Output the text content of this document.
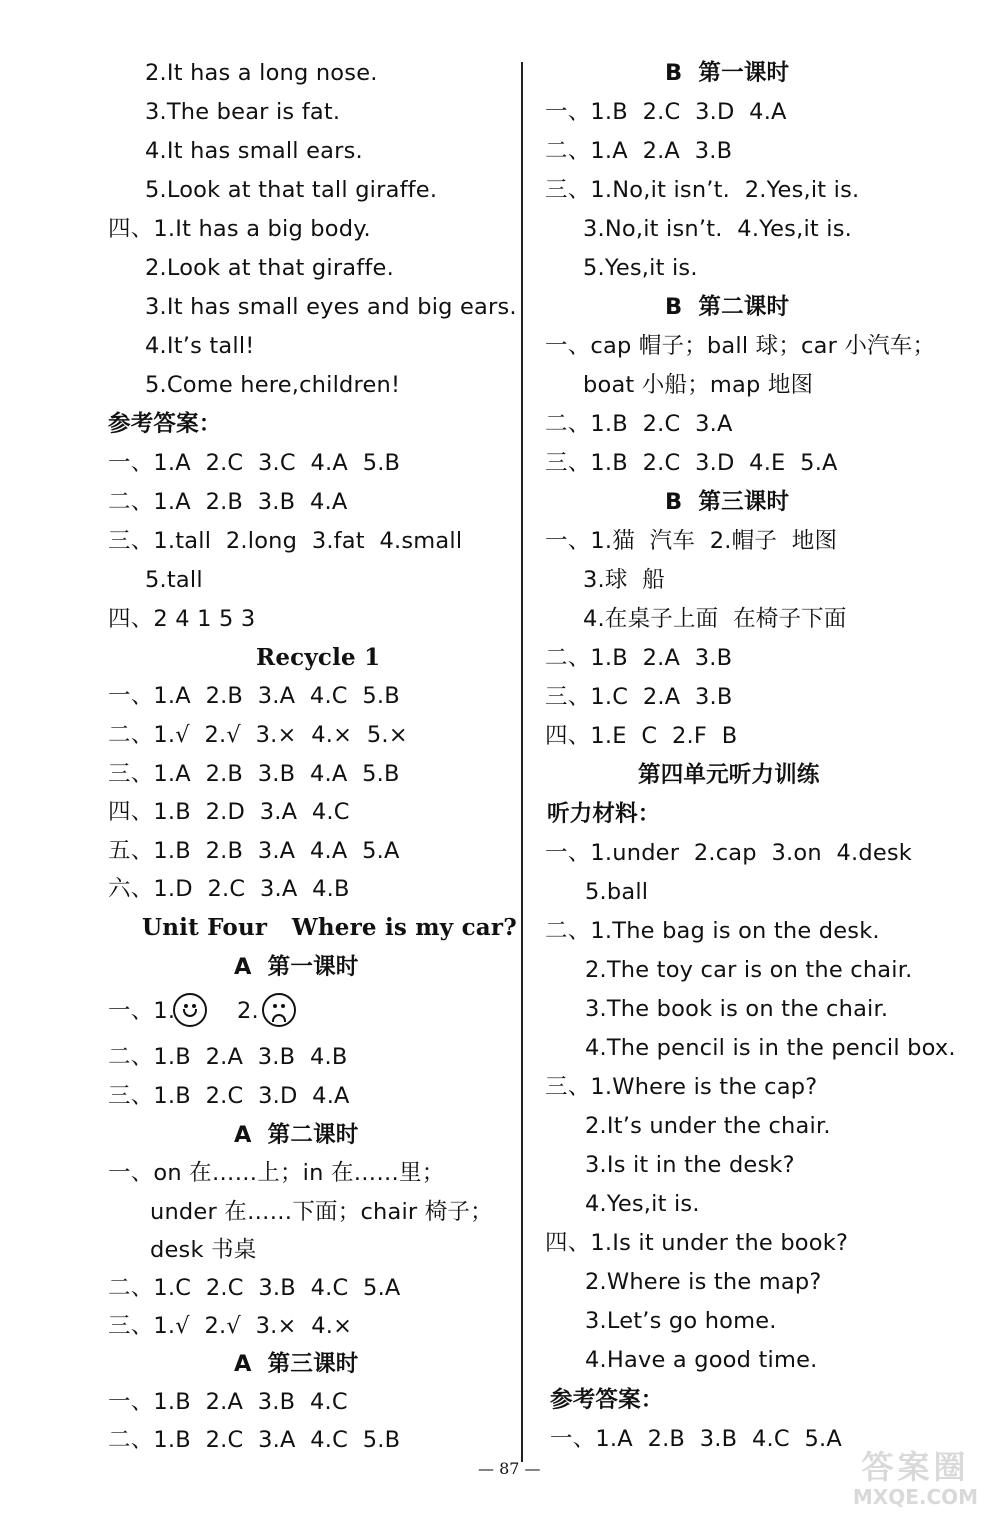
2.It has a long nose.
3.The bear is fat.
4.It has small ears.
5.Look at that tall giraffe.
四、1.It has a big body.
2.Look at that giraffe.
3.It has small eyes and big ears.
4.It’s tall!
5.Come here,children!
参考答案：
一、1.A  2.C  3.C  4.A  5.B
二、1.A  2.B  3.B  4.A
三、1.tall  2.long  3.fat  4.small
5.tall
四、2 4 1 5 3
Recycle 1
一、1.A  2.B  3.A  4.C  5.B
二、1.√  2.√  3.×  4.×  5.×
三、1.A  2.B  3.B  4.A  5.B
四、1.B  2.D  3.A  4.C
五、1.B  2.B  3.A  4.A  5.A
六、1.D  2.C  3.A  4.B
Unit Four   Where is my car?
A  第一课时
一、1.	2.
二、1.B  2.A  3.B  4.B
三、1.B  2.C  3.D  4.A
A  第二课时
一、on 在……上；in 在……里；
under 在……下面；chair 椅子；
desk 书桌
二、1.C  2.C  3.B  4.C  5.A
三、1.√  2.√  3.×  4.×
A  第三课时
一、1.B  2.A  3.B  4.C
二、1.B  2.C  3.A  4.C  5.B
B  第一课时
一、1.B  2.C  3.D  4.A
二、1.A  2.A  3.B
三、1.No,it isn’t.  2.Yes,it is.
3.No,it isn’t.  4.Yes,it is.
5.Yes,it is.
B  第二课时
一、cap 帽子；ball 球；car 小汽车；
boat 小船；map 地图
二、1.B  2.C  3.A
三、1.B  2.C  3.D  4.E  5.A
B  第三课时
一、1.猫  汽车  2.帽子  地图
3.球  船
4.在桌子上面  在椅子下面
二、1.B  2.A  3.B
三、1.C  2.A  3.B
四、1.E  C  2.F  B
第四单元听力训练
听力材料：
一、1.under  2.cap  3.on  4.desk
5.ball
二、1.The bag is on the desk.
2.The toy car is on the chair.
3.The book is on the chair.
4.The pencil is in the pencil box.
三、1.Where is the cap?
2.It’s under the chair.
3.Is it in the desk?
4.Yes,it is.
四、1.Is it under the book?
2.Where is the map?
3.Let’s go home.
4.Have a good time.
参考答案：
一、1.A  2.B  3.B  4.C  5.A
— 87 —	答案圈
MXQE.COM
